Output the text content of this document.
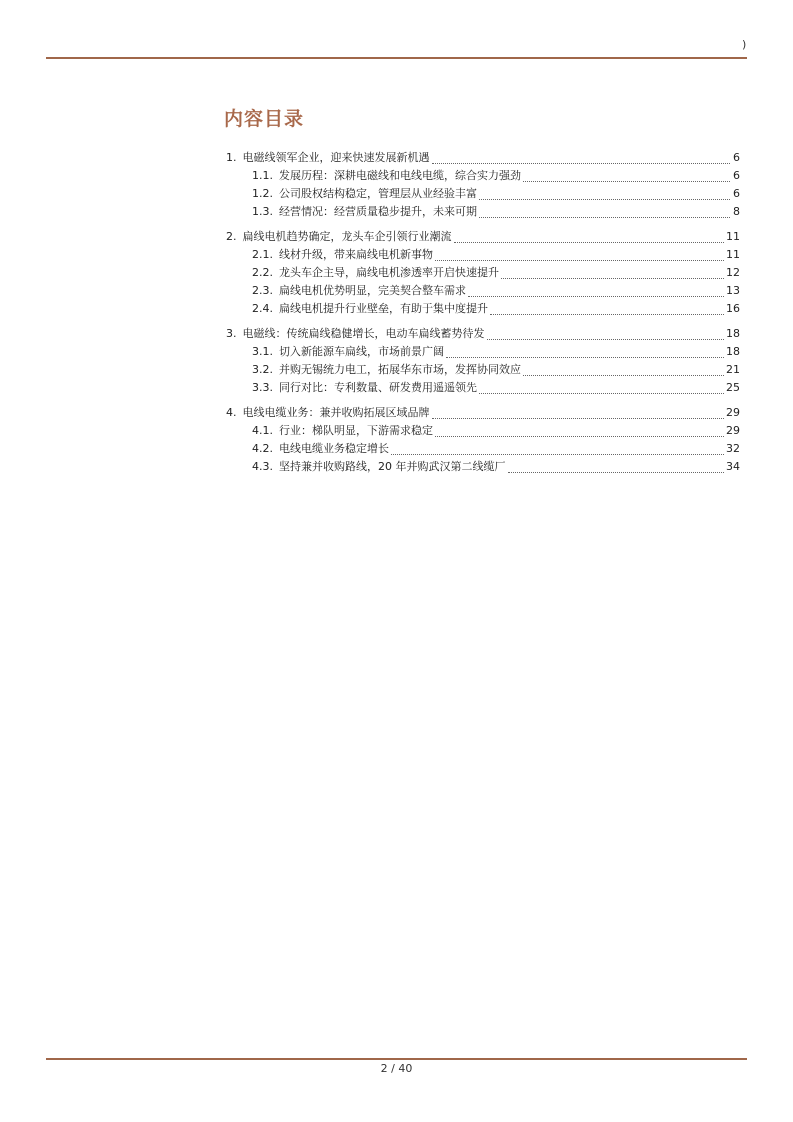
)
内容目录
1. 电磁线领军企业，迎来快速发展新机遇	6
1.1. 发展历程：深耕电磁线和电线电缆，综合实力强劲	6
1.2. 公司股权结构稳定，管理层从业经验丰富	6
1.3. 经营情况：经营质量稳步提升，未来可期	8
2. 扁线电机趋势确定，龙头车企引领行业潮流	11
2.1. 线材升级，带来扁线电机新事物	11
2.2. 龙头车企主导，扁线电机渗透率开启快速提升	12
2.3. 扁线电机优势明显，完美契合整车需求	13
2.4. 扁线电机提升行业壁垒，有助于集中度提升	16
3. 电磁线：传统扁线稳健增长，电动车扁线蓄势待发	18
3.1. 切入新能源车扁线，市场前景广阔	18
3.2. 并购无锡统力电工，拓展华东市场，发挥协同效应	21
3.3. 同行对比：专利数量、研发费用遥遥领先	25
4. 电线电缆业务：兼并收购拓展区域品牌	29
4.1. 行业：梯队明显，下游需求稳定	29
4.2. 电线电缆业务稳定增长	32
4.3. 坚持兼并收购路线，20 年并购武汉第二线缆厂	34
2 / 40
